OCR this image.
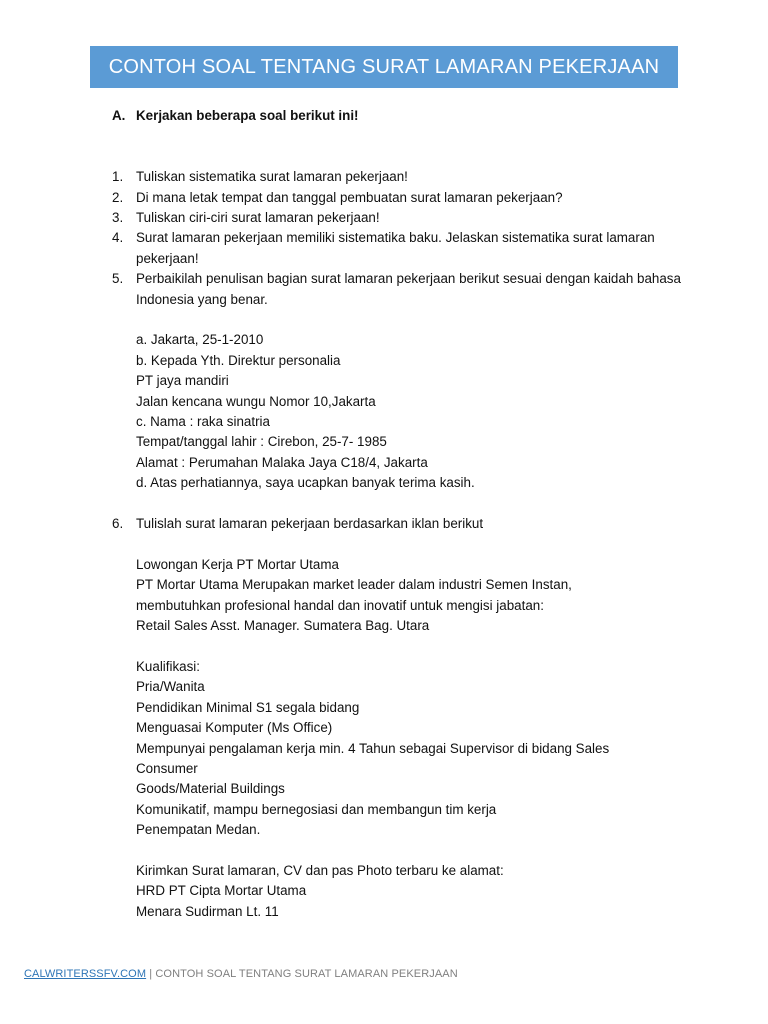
CONTOH SOAL TENTANG SURAT LAMARAN PEKERJAAN
A. Kerjakan beberapa soal berikut ini!
1. Tuliskan sistematika surat lamaran pekerjaan!
2. Di mana letak tempat dan tanggal pembuatan surat lamaran pekerjaan?
3. Tuliskan ciri-ciri surat lamaran pekerjaan!
4. Surat lamaran pekerjaan memiliki sistematika baku. Jelaskan sistematika surat lamaran pekerjaan!
5. Perbaikilah penulisan bagian surat lamaran pekerjaan berikut sesuai dengan kaidah bahasa Indonesia yang benar.

a. Jakarta, 25-1-2010

b. Kepada Yth. Direktur personalia

PT jaya mandiri

Jalan kencana wungu Nomor 10,Jakarta

c. Nama : raka sinatria

Tempat/tanggal lahir : Cirebon, 25-7- 1985

Alamat : Perumahan Malaka Jaya C18/4, Jakarta

d. Atas perhatiannya, saya ucapkan banyak terima kasih.

6. Tulislah surat lamaran pekerjaan berdasarkan iklan berikut

Lowongan Kerja PT Mortar Utama

PT Mortar Utama Merupakan market leader dalam industri Semen Instan,

membutuhkan profesional handal dan inovatif untuk mengisi jabatan:

Retail Sales Asst. Manager. Sumatera Bag. Utara

Kualifikasi:

Pria/Wanita

Pendidikan Minimal S1 segala bidang

Menguasai Komputer (Ms Office)

Mempunyai pengalaman kerja min. 4 Tahun sebagai Supervisor di bidang Sales

Consumer

Goods/Material Buildings

Komunikatif, mampu bernegosiasi dan membangun tim kerja

Penempatan Medan.

Kirimkan Surat lamaran, CV dan pas Photo terbaru ke alamat:

HRD PT Cipta Mortar Utama

Menara Sudirman Lt. 11

CALWRITERSSFV.COM | CONTOH SOAL TENTANG SURAT LAMARAN PEKERJAAN
